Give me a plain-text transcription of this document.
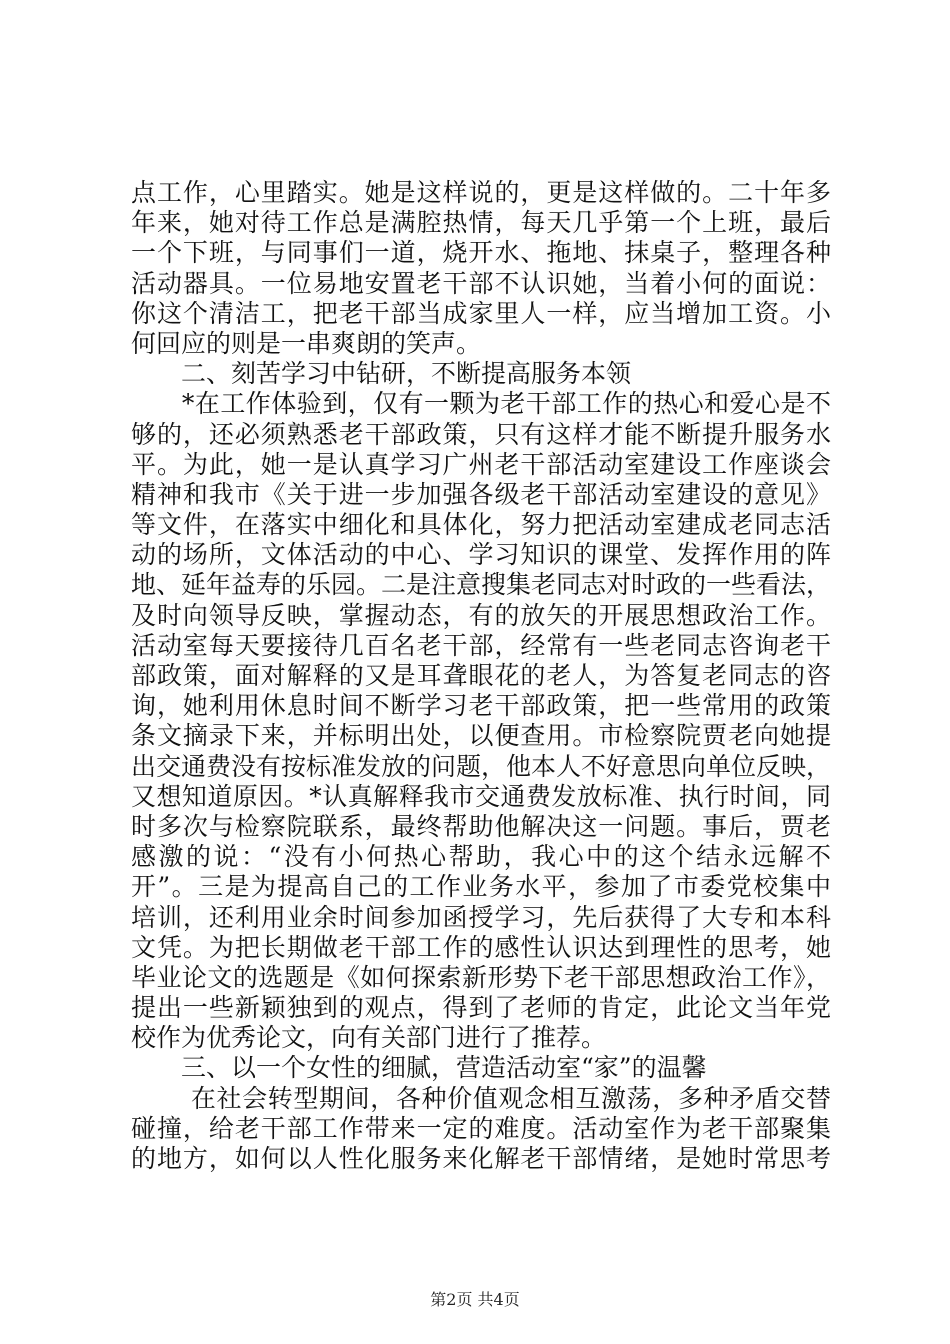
点工作，心里踏实。她是这样说的，更是这样做的。二十年多
年来，她对待工作总是满腔热情，每天几乎第一个上班，最后
一个下班，与同事们一道，烧开水、拖地、抹桌子，整理各种
活动器具。一位易地安置老干部不认识她，当着小何的面说：
你这个清洁工，把老干部当成家里人一样，应当增加工资。小
何回应的则是一串爽朗的笑声。
　　二、刻苦学习中钻研，不断提高服务本领
　　*在工作体验到，仅有一颗为老干部工作的热心和爱心是不
够的，还必须熟悉老干部政策，只有这样才能不断提升服务水
平。为此，她一是认真学习广州老干部活动室建设工作座谈会
精神和我市《关于进一步加强各级老干部活动室建设的意见》
等文件，在落实中细化和具体化，努力把活动室建成老同志活
动的场所，文体活动的中心、学习知识的课堂、发挥作用的阵
地、延年益寿的乐园。二是注意搜集老同志对时政的一些看法，
及时向领导反映，掌握动态，有的放矢的开展思想政治工作。
活动室每天要接待几百名老干部，经常有一些老同志咨询老干
部政策，面对解释的又是耳聋眼花的老人，为答复老同志的咨
询，她利用休息时间不断学习老干部政策，把一些常用的政策
条文摘录下来，并标明出处，以便查用。市检察院贾老向她提
出交通费没有按标准发放的问题，他本人不好意思向单位反映，
又想知道原因。*认真解释我市交通费发放标准、执行时间，同
时多次与检察院联系，最终帮助他解决这一问题。事后，贾老
感激的说：“没有小何热心帮助，我心中的这个结永远解不
开”。三是为提高自己的工作业务水平，参加了市委党校集中
培训，还利用业余时间参加函授学习，先后获得了大专和本科
文凭。为把长期做老干部工作的感性认识达到理性的思考，她
毕业论文的选题是《如何探索新形势下老干部思想政治工作》，
提出一些新颖独到的观点，得到了老师的肯定，此论文当年党
校作为优秀论文，向有关部门进行了推荐。
　　三、以一个女性的细腻，营造活动室“家”的温馨
　　 在社会转型期间，各种价值观念相互激荡，多种矛盾交替
碰撞，给老干部工作带来一定的难度。活动室作为老干部聚集
的地方，如何以人性化服务来化解老干部情绪，是她时常思考
第2页 共4页
